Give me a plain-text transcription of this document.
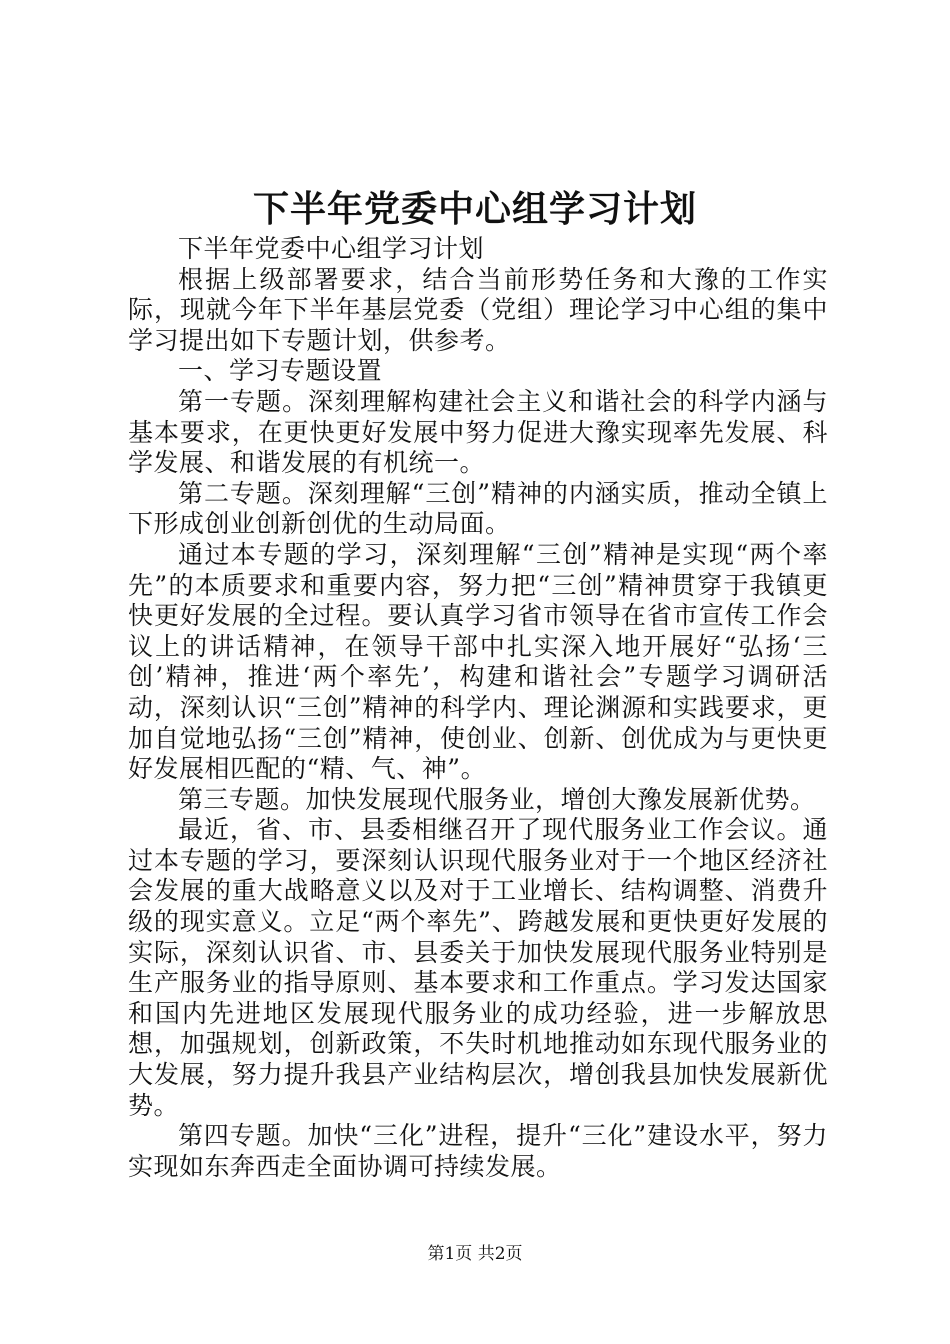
下半年党委中心组学习计划

下半年党委中心组学习计划

根据上级部署要求，结合当前形势任务和大豫的工作实际，现就今年下半年基层党委（党组）理论学习中心组的集中学习提出如下专题计划，供参考。

一、学习专题设置

第一专题。深刻理解构建社会主义和谐社会的科学内涵与基本要求，在更快更好发展中努力促进大豫实现率先发展、科学发展、和谐发展的有机统一。

第二专题。深刻理解“三创”精神的内涵实质，推动全镇上下形成创业创新创优的生动局面。

通过本专题的学习，深刻理解“三创”精神是实现“两个率先”的本质要求和重要内容，努力把“三创”精神贯穿于我镇更快更好发展的全过程。要认真学习省市领导在省市宣传工作会议上的讲话精神，在领导干部中扎实深入地开展好“弘扬‘三创’精神，推进‘两个率先’，构建和谐社会”专题学习调研活动，深刻认识“三创”精神的科学内、理论渊源和实践要求，更加自觉地弘扬“三创”精神，使创业、创新、创优成为与更快更好发展相匹配的“精、气、神”。

第三专题。加快发展现代服务业，增创大豫发展新优势。

最近，省、市、县委相继召开了现代服务业工作会议。通过本专题的学习，要深刻认识现代服务业对于一个地区经济社会发展的重大战略意义以及对于工业增长、结构调整、消费升级的现实意义。立足“两个率先”、跨越发展和更快更好发展的实际，深刻认识省、市、县委关于加快发展现代服务业特别是生产服务业的指导原则、基本要求和工作重点。学习发达国家和国内先进地区发展现代服务业的成功经验，进一步解放思想，加强规划，创新政策，不失时机地推动如东现代服务业的大发展，努力提升我县产业结构层次，增创我县加快发展新优势。

第四专题。加快“三化”进程，提升“三化”建设水平，努力实现如东奔西走全面协调可持续发展。

第1页 共2页
